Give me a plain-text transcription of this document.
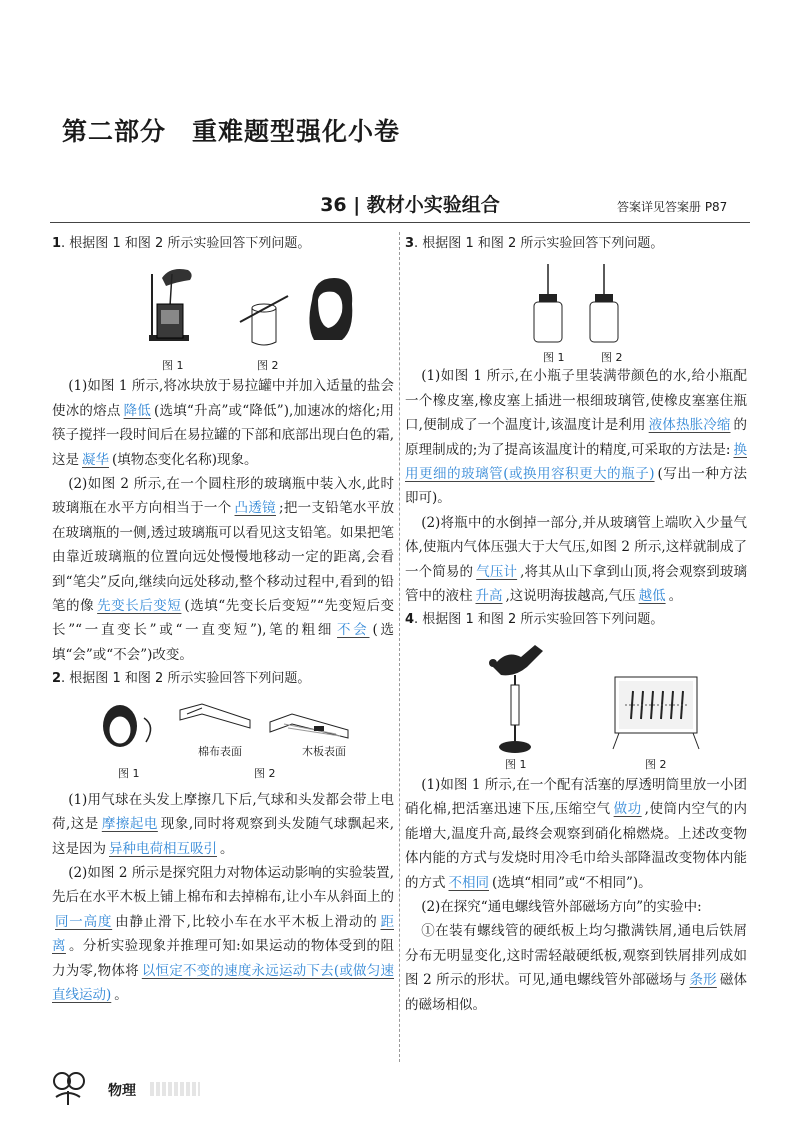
第二部分　重难题型强化小卷
36 | 教材小实验组合	答案详见答案册 P87

1. 根据图 1 和图 2 所示实验回答下列问题。

图 1	图 2

(1)如图 1 所示,将冰块放于易拉罐中并加入适量的盐会使冰的熔点 降低 (选填“升高”或“降低”),加速冰的熔化;用筷子搅拌一段时间后在易拉罐的下部和底部出现白色的霜,这是 凝华 (填物态变化名称)现象。

(2)如图 2 所示,在一个圆柱形的玻璃瓶中装入水,此时玻璃瓶在水平方向相当于一个 凸透镜 ;把一支铅笔水平放在玻璃瓶的一侧,透过玻璃瓶可以看见这支铅笔。如果把笔由靠近玻璃瓶的位置向远处慢慢地移动一定的距离,会看到“笔尖”反向,继续向远处移动,整个移动过程中,看到的铅笔的像 先变长后变短 (选填“先变长后变短”“先变短后变长”“一直变长”或“一直变短”),笔的粗细 不会 (选填“会”或“不会”)改变。

2. 根据图 1 和图 2 所示实验回答下列问题。

棉布表面	木板表面
图 1	图 2

(1)用气球在头发上摩擦几下后,气球和头发都会带上电荷,这是 摩擦起电 现象,同时将观察到头发随气球飘起来,这是因为 异种电荷相互吸引 。

(2)如图 2 所示是探究阻力对物体运动影响的实验装置,先后在水平木板上铺上棉布和去掉棉布,让小车从斜面上的同一高度 由静止滑下,比较小车在水平木板上滑动的 距离 。分析实验现象并推理可知:如果运动的物体受到的阻力为零,物体将 以恒定不变的速度永远运动下去(或做匀速直线运动) 。

3. 根据图 1 和图 2 所示实验回答下列问题。

图 1	图 2

(1)如图 1 所示,在小瓶子里装满带颜色的水,给小瓶配一个橡皮塞,橡皮塞上插进一根细玻璃管,使橡皮塞塞住瓶口,便制成了一个温度计,该温度计是利用 液体热胀冷缩 的原理制成的;为了提高该温度计的精度,可采取的方法是: 换用更细的玻璃管(或换用容积更大的瓶子) (写出一种方法即可)。

(2)将瓶中的水倒掉一部分,并从玻璃管上端吹入少量气体,使瓶内气体压强大于大气压,如图 2 所示,这样就制成了一个简易的 气压计 ,将其从山下拿到山顶,将会观察到玻璃管中的液柱 升高 ,这说明海拔越高,气压 越低 。

4. 根据图 1 和图 2 所示实验回答下列问题。

图 1	图 2

(1)如图 1 所示,在一个配有活塞的厚透明筒里放一小团硝化棉,把活塞迅速下压,压缩空气 做功 ,使筒内空气的内能增大,温度升高,最终会观察到硝化棉燃烧。上述改变物体内能的方式与发烧时用冷毛巾给头部降温改变物体内能的方式 不相同 (选填“相同”或“不相同”)。

(2)在探究“通电螺线管外部磁场方向”的实验中:

①在装有螺线管的硬纸板上均匀撒满铁屑,通电后铁屑分布无明显变化,这时需轻敲硬纸板,观察到铁屑排列成如图 2 所示的形状。可见,通电螺线管外部磁场与 条形 磁体的磁场相似。

物理
